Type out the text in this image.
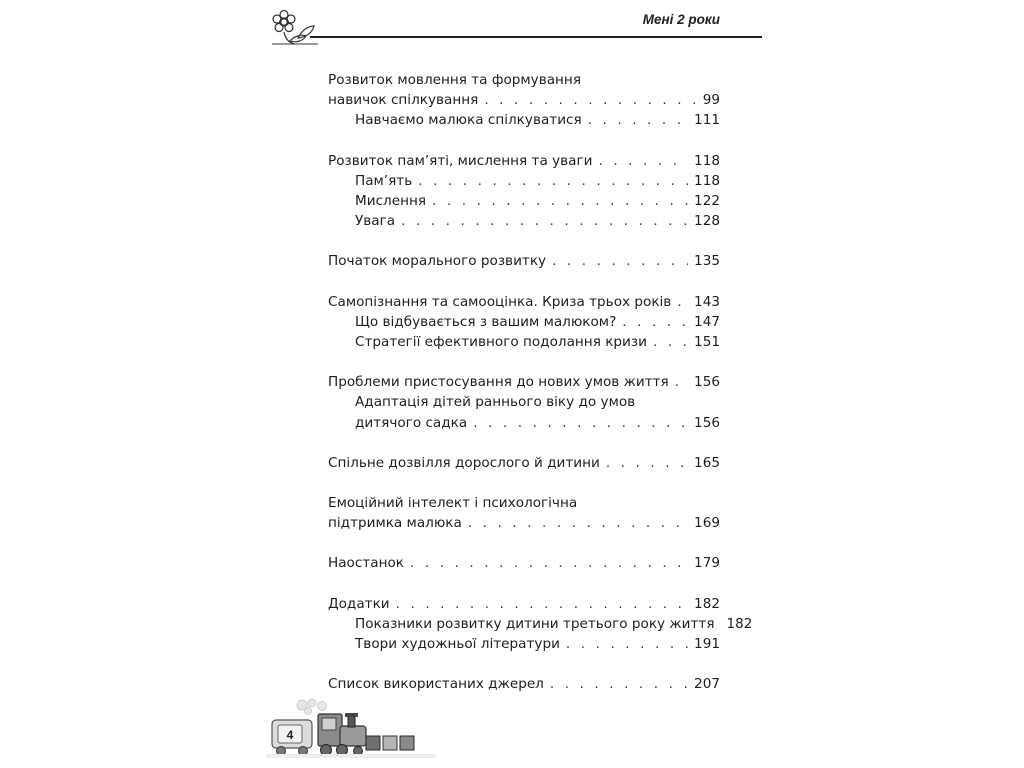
Мені 2 роки
Розвиток мовлення та формування
навичок спілкування . . .	99
Навчаємо малюка спілкуватися . . .	111
Розвиток пам’яті, мислення та уваги . . .	118
Пам’ять . . .	118
Мислення . . .	122
Увага . . .	128
Початок морального розвитку . . .	135
Самопізнання та самооцінка. Криза трьох років . . . 143
Що відбувається з вашим малюком? . . .	147
Стратегії ефективного подолання кризи . . .	151
Проблеми пристосування до нових умов життя . . . 156
Адаптація дітей раннього віку до умов
дитячого садка . . .	156
Спільне дозвілля дорослого й дитини . . .	165
Емоційний інтелект і психологічна
підтримка малюка . . .	169
Наостанок . . .	179
Додатки . . .	182
Показники розвитку дитини третього року життя 182
Твори художньої літератури . . .	191
Список використаних джерел . . .	207
4
